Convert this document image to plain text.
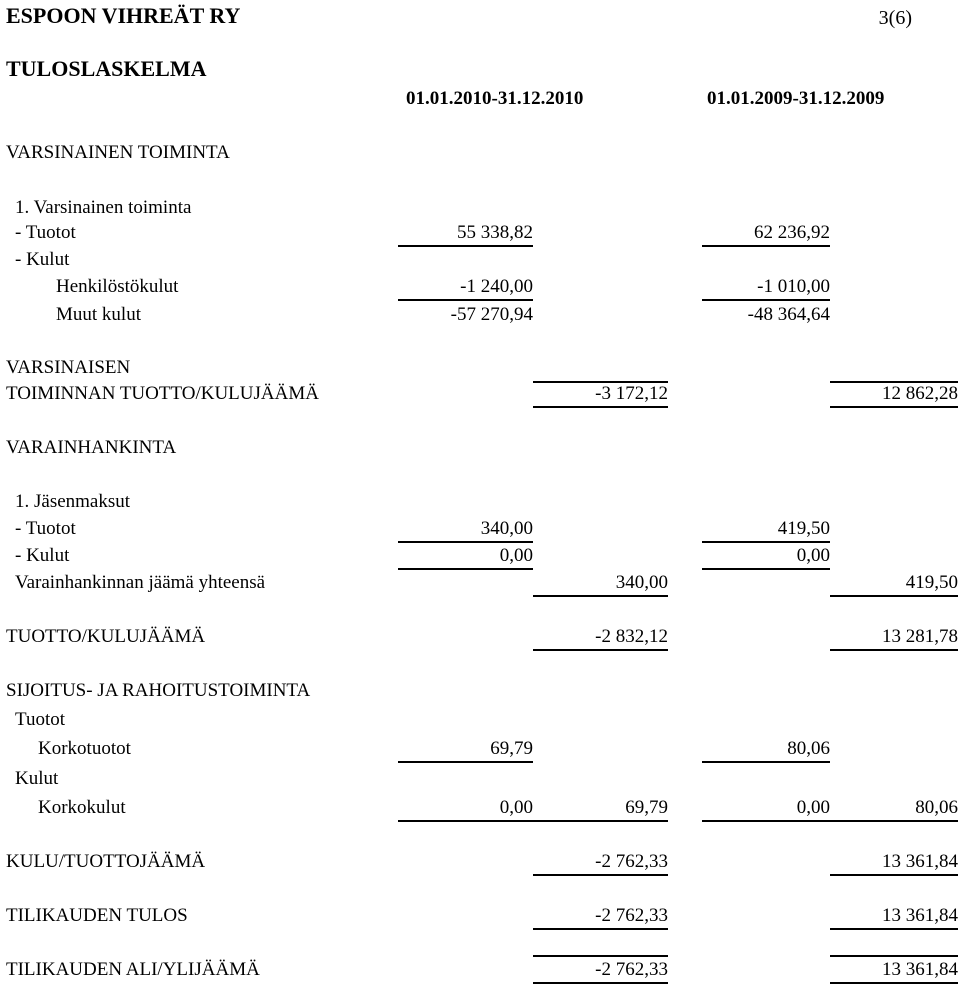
ESPOON VIHREÄT RY	3(6)
TULOSLASKELMA
01.01.2010-31.12.2010	01.01.2009-31.12.2009
VARSINAINEN TOIMINTA
1. Varsinainen toiminta
- Tuotot	55 338,82	62 236,92
- Kulut
Henkilöstökulut	-1 240,00	-1 010,00
Muut kulut	-57 270,94	-48 364,64
VARSINAISEN
TOIMINNAN TUOTTO/KULUJÄÄMÄ	-3 172,12	12 862,28
VARAINHANKINTA
1. Jäsenmaksut
- Tuotot	340,00	419,50
- Kulut	0,00	0,00
Varainhankinnan jäämä yhteensä	340,00	419,50
TUOTTO/KULUJÄÄMÄ	-2 832,12	13 281,78
SIJOITUS- JA RAHOITUSTOIMINTA
Tuotot
Korkotuotot	69,79	80,06
Kulut
Korkokulut	0,00	69,79	0,00	80,06
KULU/TUOTTOJÄÄMÄ	-2 762,33	13 361,84
TILIKAUDEN TULOS	-2 762,33	13 361,84
TILIKAUDEN ALI/YLIJÄÄMÄ	-2 762,33	13 361,84
